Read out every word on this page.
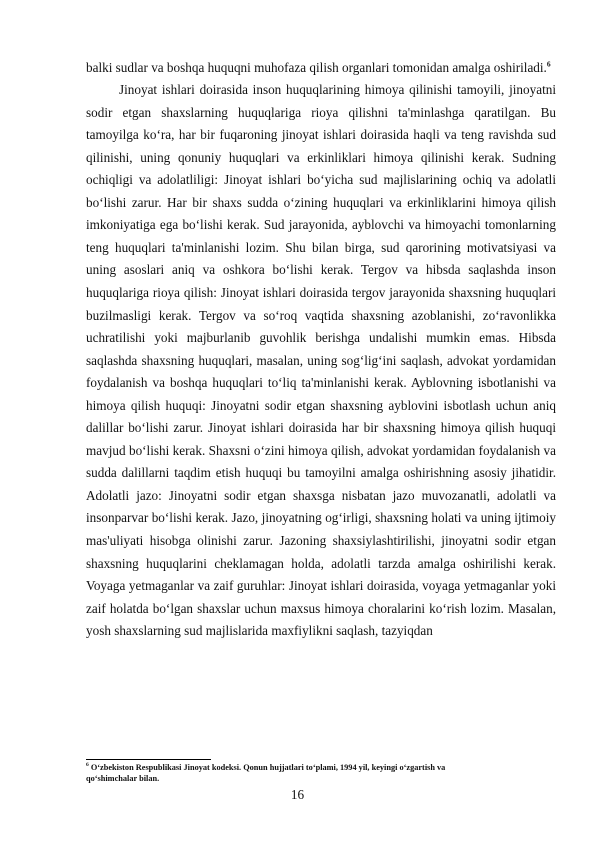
balki sudlar va boshqa huquqni muhofaza qilish organlari tomonidan amalga oshiriladi.$^6$

Jinoyat ishlari doirasida inson huquqlarining himoya qilinishi tamoyili, jinoyatni sodir etgan shaxslarning huquqlariga rioya qilishni ta'minlashga qaratilgan. Bu tamoyilga ko‘ra, har bir fuqaroning jinoyat ishlari doirasida haqli va teng ravishda sud qilinishi, uning qonuniy huquqlari va erkinliklari himoya qilinishi kerak. Sudning ochiqligi va adolatliligi: Jinoyat ishlari bo‘yicha sud majlislarining ochiq va adolatli bo‘lishi zarur. Har bir shaxs sudda o‘zining huquqlari va erkinliklarini himoya qilish imkoniyatiga ega bo‘lishi kerak. Sud jarayonida, ayblovchi va himoyachi tomonlarning teng huquqlari ta'minlanishi lozim. Shu bilan birga, sud qarorining motivatsiyasi va uning asoslari aniq va oshkora bo‘lishi kerak. Tergov va hibsda saqlashda inson huquqlariga rioya qilish: Jinoyat ishlari doirasida tergov jarayonida shaxsning huquqlari buzilmasligi kerak. Tergov va so‘roq vaqtida shaxsning azoblanishi, zo‘ravonlikka uchratilishi yoki majburlanib guvohlik berishga undalishi mumkin emas. Hibsda saqlashda shaxsning huquqlari, masalan, uning sog‘lig‘ini saqlash, advokat yordamidan foydalanish va boshqa huquqlari to‘liq ta'minlanishi kerak. Ayblovning isbotlanishi va himoya qilish huquqi: Jinoyatni sodir etgan shaxsning ayblovini isbotlash uchun aniq dalillar bo‘lishi zarur. Jinoyat ishlari doirasida har bir shaxsning himoya qilish huquqi mavjud bo‘lishi kerak. Shaxsni o‘zini himoya qilish, advokat yordamidan foydalanish va sudda dalillarni taqdim etish huquqi bu tamoyilni amalga oshirishning asosiy jihatidir. Adolatli jazo: Jinoyatni sodir etgan shaxsga nisbatan jazo muvozanatli, adolatli va insonparvar bo‘lishi kerak. Jazo, jinoyatning og‘irligi, shaxsning holati va uning ijtimoiy mas'uliyati hisobga olinishi zarur. Jazoning shaxsiylashtirilishi, jinoyatni sodir etgan shaxsning huquqlarini cheklamagan holda, adolatli tarzda amalga oshirilishi kerak. Voyaga yetmaganlar va zaif guruhlar: Jinoyat ishlari doirasida, voyaga yetmaganlar yoki zaif holatda bo‘lgan shaxslar uchun maxsus himoya choralarini ko‘rish lozim. Masalan, yosh shaxslarning sud majlislarida maxfiylikni saqlash, tazyiqdan

$^6$ O‘zbekiston Respublikasi Jinoyat kodeksi. Qonun hujjatlari to‘plami, 1994 yil, keyingi o‘zgartish va qo‘shimchalar bilan.
16
